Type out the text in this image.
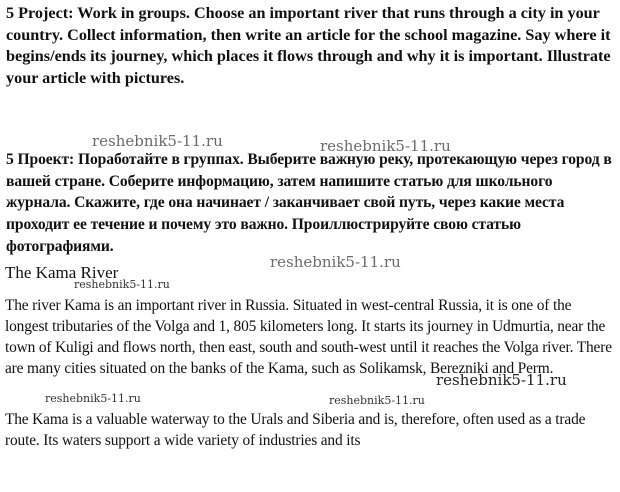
5 Project: Work in groups. Choose an important river that runs through a city in your country. Collect information, then write an article for the school magazine. Say where it begins/ends its journey, which places it flows through and why it is important. Illustrate your article with pictures.

5 Проект: Поработайте в группах. Выберите важную реку, протекающую через город в вашей стране. Соберите информацию, затем напишите статью для школьного журнала. Скажите, где она начинает / заканчивает свой путь, через какие места проходит ее течение и почему это важно. Проиллюстрируйте свою статью фотографиями.

The Kama River

The river Kama is an important river in Russia. Situated in west-central Russia, it is one of the longest tributaries of the Volga and 1, 805 kilometers long. It starts its journey in Udmurtia, near the town of Kuligi and flows north, then east, south and south-west until it reaches the Volga river. There are many cities situated on the banks of the Kama, such as Solikamsk, Berezniki and Perm.

The Kama is a valuable waterway to the Urals and Siberia and is, therefore, often used as a trade route. Its waters support a wide variety of industries and its

reshebnik5-11.ru	reshebnik5-11.ru
reshebnik5-11.ru
reshebnik5-11.ru
reshebnik5-11.ru
reshebnik5-11.ru	reshebnik5-11.ru
